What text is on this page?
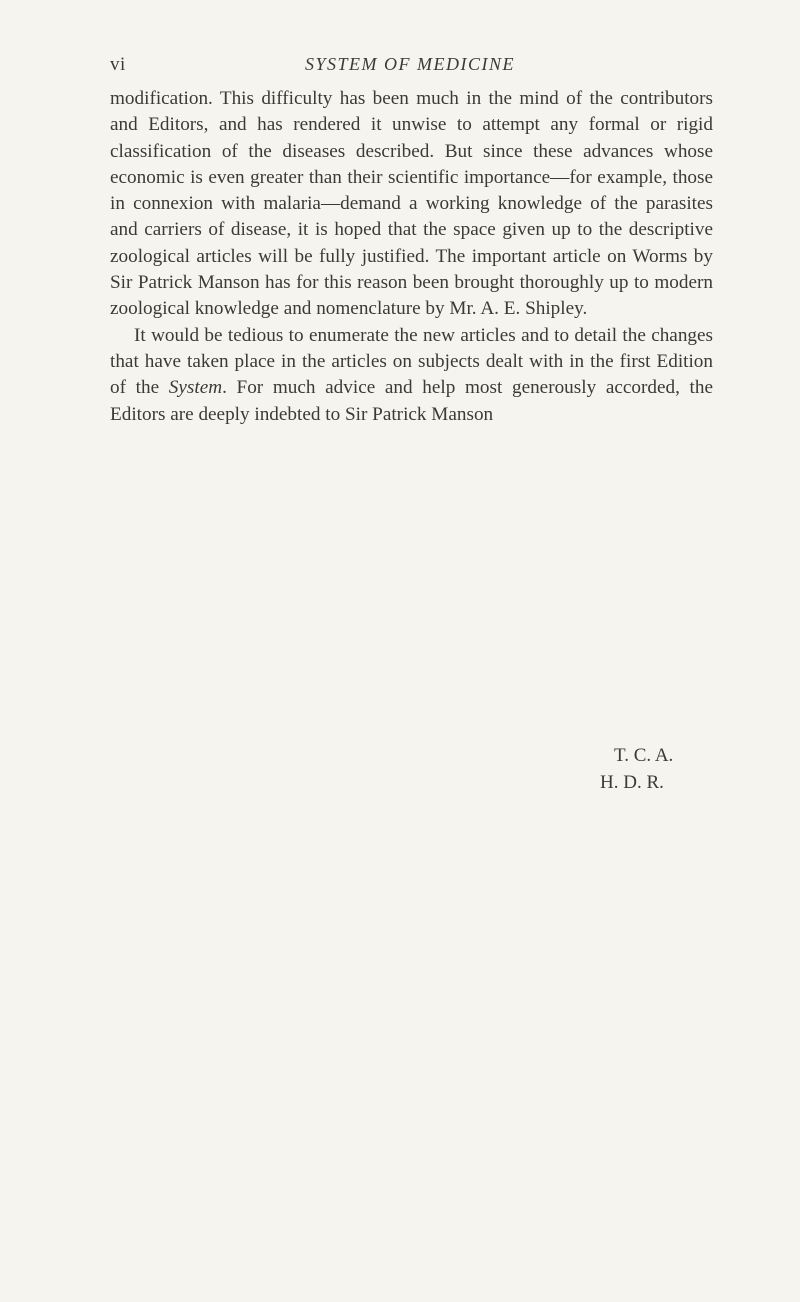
vi	SYSTEM OF MEDICINE

modification. This difficulty has been much in the mind of the contributors and Editors, and has rendered it unwise to attempt any formal or rigid classification of the diseases described. But since these advances whose economic is even greater than their scientific importance—for example, those in connexion with malaria—demand a working knowledge of the parasites and carriers of disease, it is hoped that the space given up to the descriptive zoological articles will be fully justified. The important article on Worms by Sir Patrick Manson has for this reason been brought thoroughly up to modern zoological knowledge and nomenclature by Mr. A. E. Shipley.

It would be tedious to enumerate the new articles and to detail the changes that have taken place in the articles on subjects dealt with in the first Edition of the System. For much advice and help most generously accorded, the Editors are deeply indebted to Sir Patrick Manson

T. C. A.
H. D. R.
